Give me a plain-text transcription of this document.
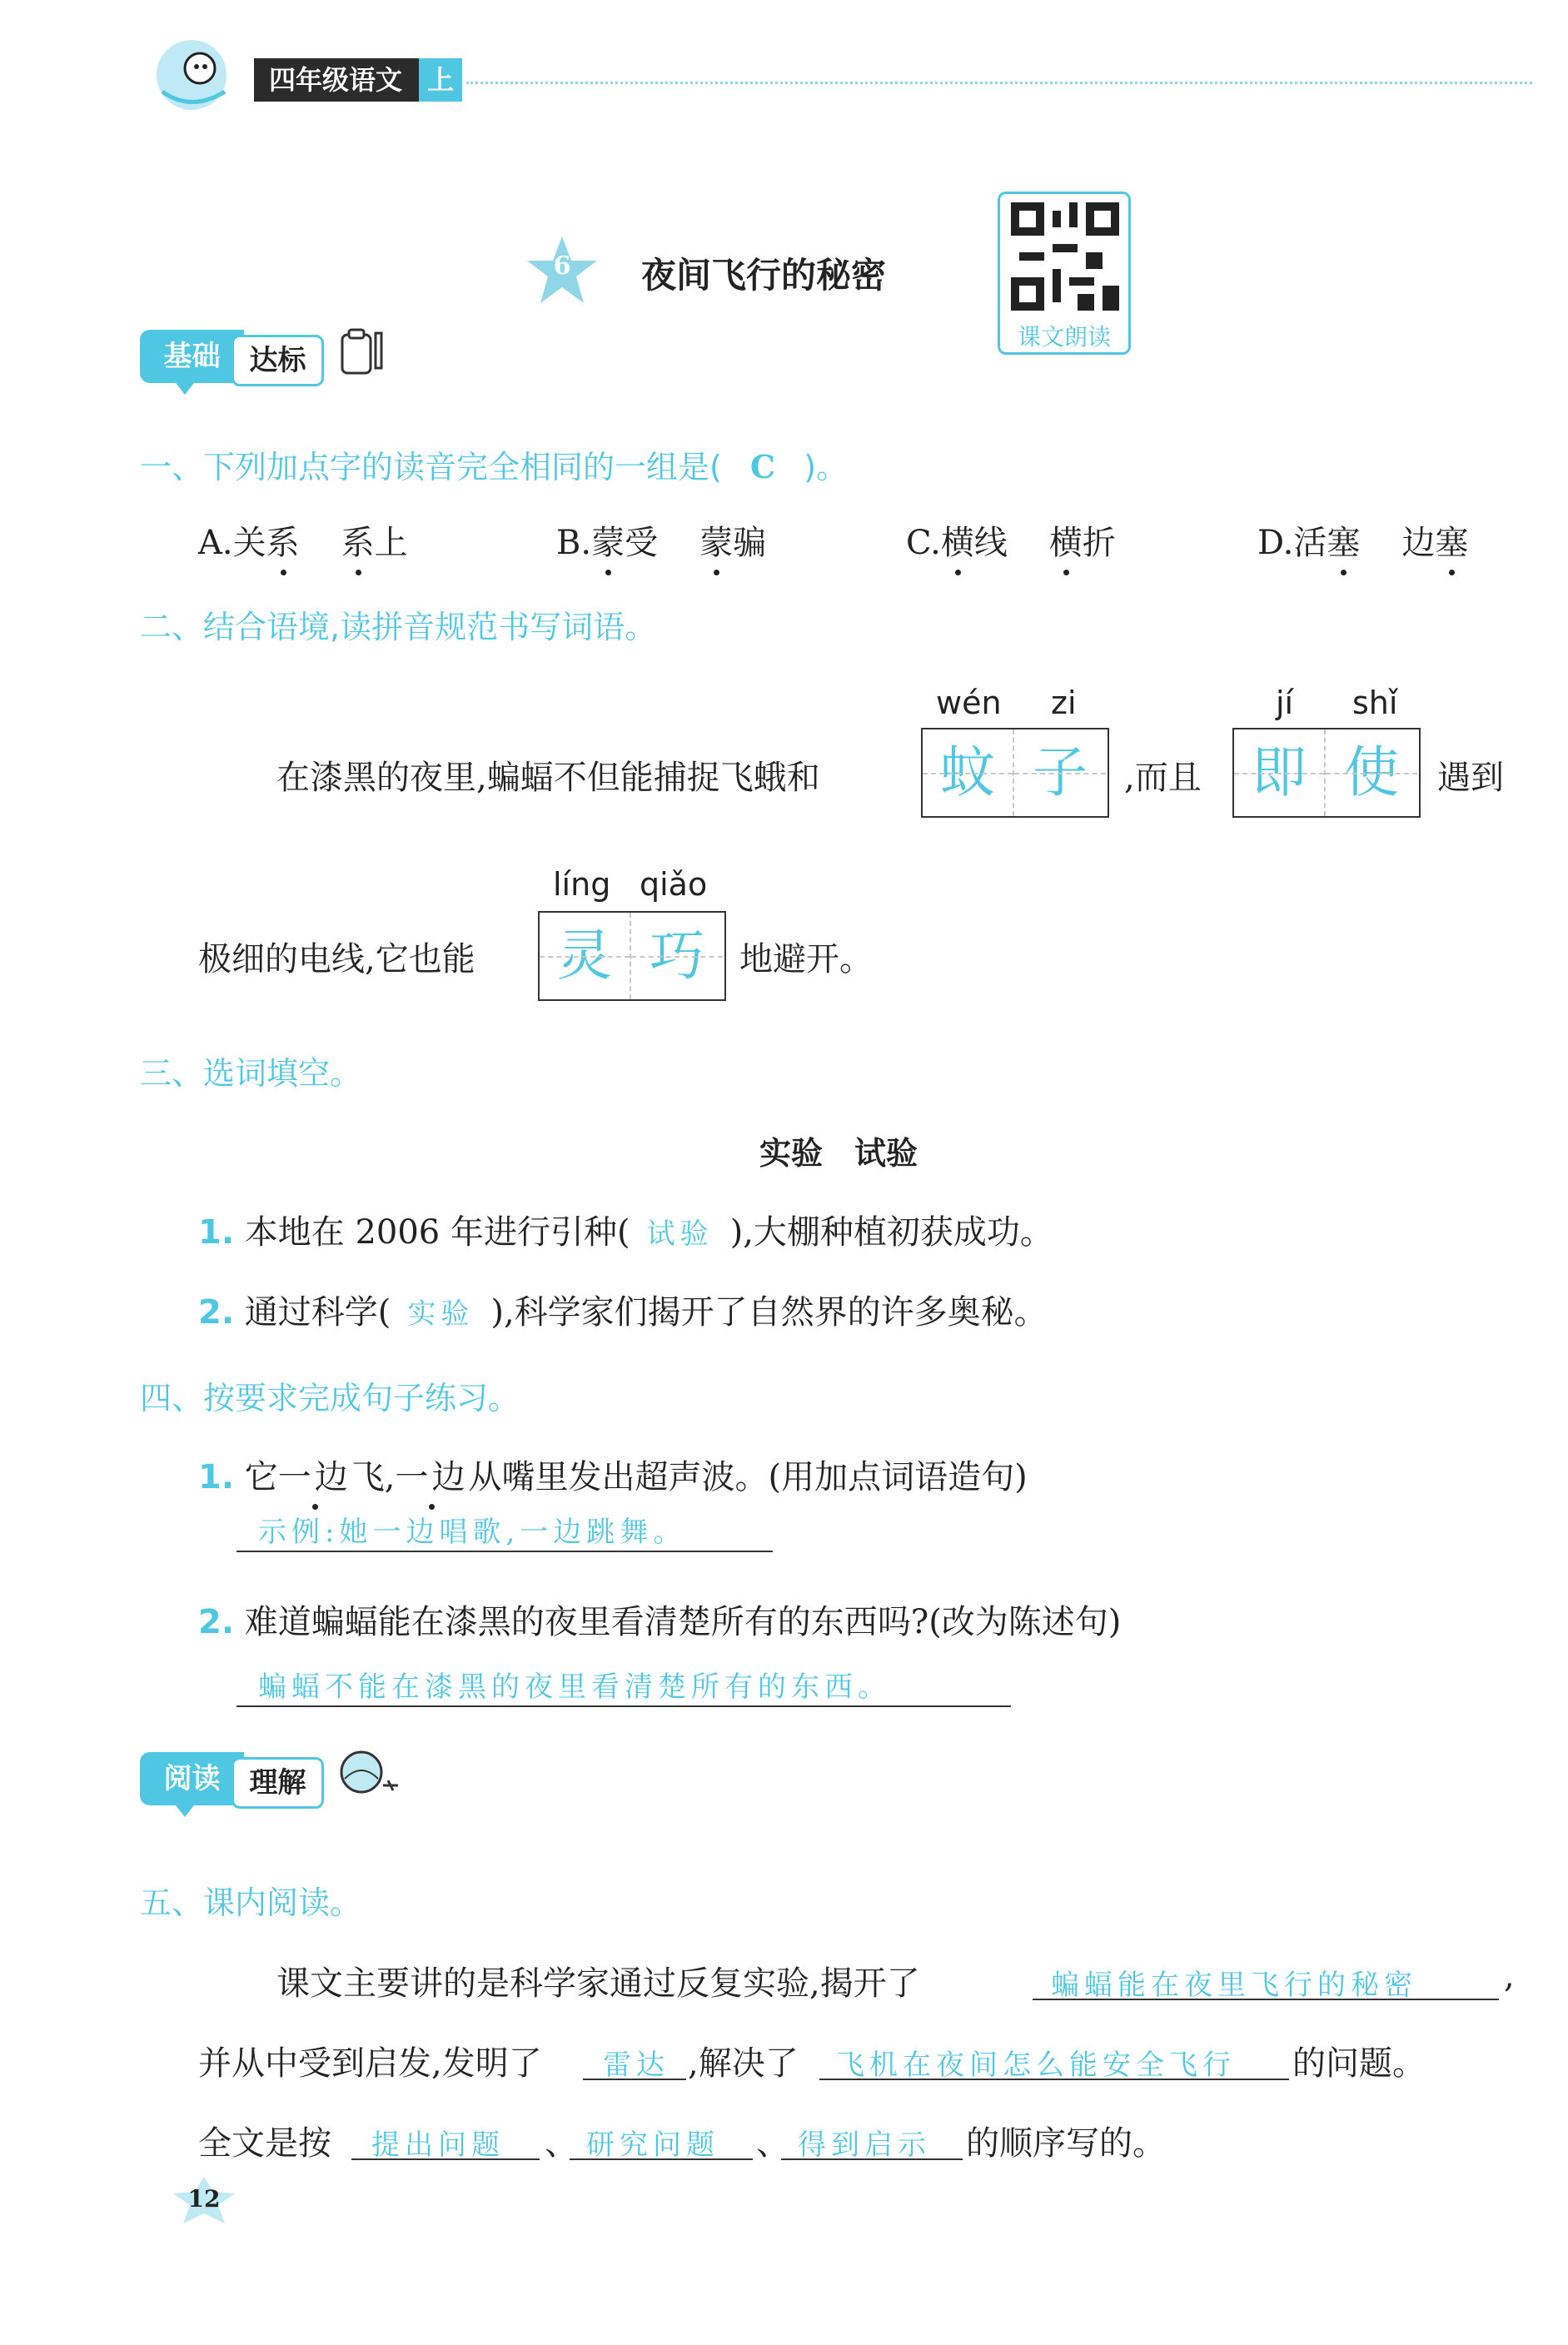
四年级语文 上
6	夜间飞行的秘密
课文朗读
基础	达标
一、下列加点字的读音完全相同的一组是( C )。
A.关系 系上	B.蒙受 蒙骗	C.横线 横折	D.活塞 边塞
二、结合语境,读拼音规范书写词语。
在漆黑的夜里,蝙蝠不但能捕捉飞蛾和
wén zi
蚊 子	,而且
jí shǐ
即 使	遇到
极细的电线,它也能
líng qiǎo
灵 巧	地避开。
三、选词填空。
实验　试验
1. 本地在 2006 年进行引种( 试验 ),大棚种植初获成功。
2. 通过科学( 实验 ),科学家们揭开了自然界的许多奥秘。
四、按要求完成句子练习。
1. 它一边飞,一边从嘴里发出超声波。(用加点词语造句)
示例:她一边唱歌,一边跳舞。
2. 难道蝙蝠能在漆黑的夜里看清楚所有的东西吗?(改为陈述句)
蝙蝠不能在漆黑的夜里看清楚所有的东西。
阅读	理解
五、课内阅读。
课文主要讲的是科学家通过反复实验,揭开了	蝙蝠能在夜里飞行的秘密	,
并从中受到启发,发明了 雷达 ,解决了 飞机在夜间怎么能安全飞行 的问题。
全文是按 提出问题 、 研究问题 、 得到启示 的顺序写的。
12
